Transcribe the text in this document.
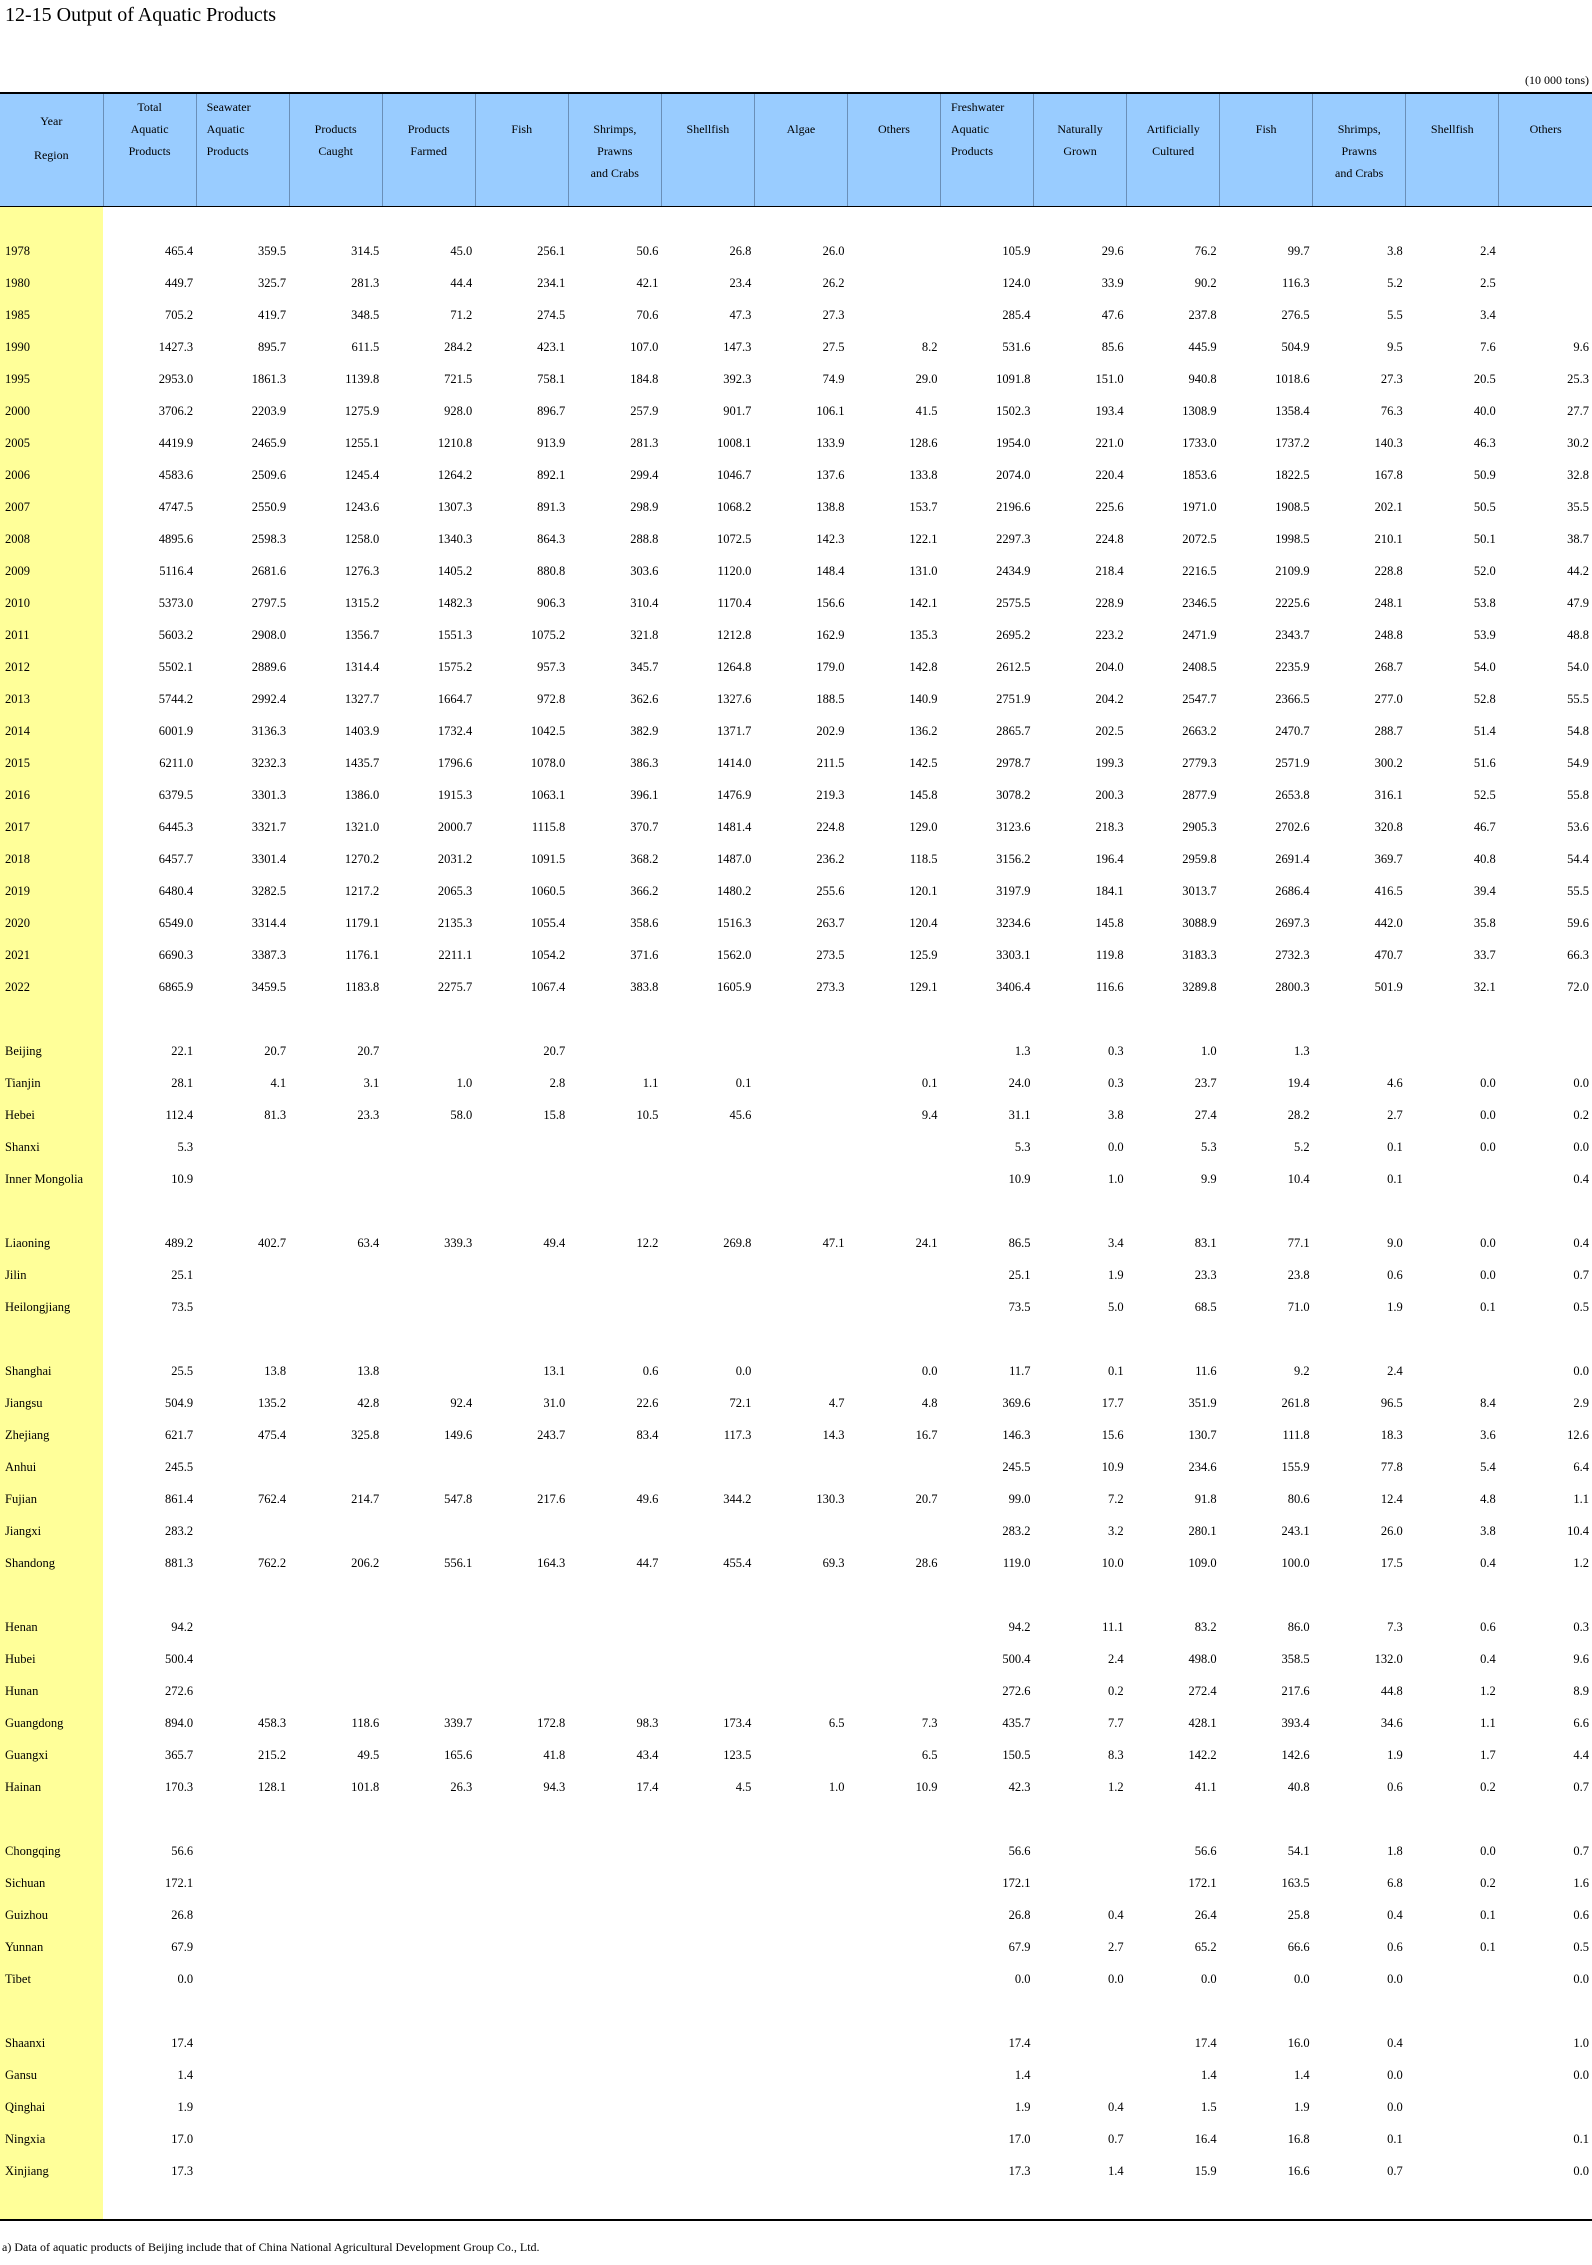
12-15 Output of Aquatic Products
(10 000 tons)
Year
Region	Total
Aquatic
Products	Seawater
Aquatic
Products	Products
Caught	Products
Farmed	Fish	Shrimps,
Prawns
and Crabs	Shellfish	Algae	Others	Freshwater
Aquatic
Products	Naturally
Grown	Artificially
Cultured	Fish	Shrimps,
Prawns
and Crabs	Shellfish	Others

1978	465.4	359.5	314.5	45.0	256.1	50.6	26.8	26.0		105.9	29.6	76.2	99.7	3.8	2.4	
1980	449.7	325.7	281.3	44.4	234.1	42.1	23.4	26.2		124.0	33.9	90.2	116.3	5.2	2.5	
1985	705.2	419.7	348.5	71.2	274.5	70.6	47.3	27.3		285.4	47.6	237.8	276.5	5.5	3.4	
1990	1427.3	895.7	611.5	284.2	423.1	107.0	147.3	27.5	8.2	531.6	85.6	445.9	504.9	9.5	7.6	9.6
1995	2953.0	1861.3	1139.8	721.5	758.1	184.8	392.3	74.9	29.0	1091.8	151.0	940.8	1018.6	27.3	20.5	25.3
2000	3706.2	2203.9	1275.9	928.0	896.7	257.9	901.7	106.1	41.5	1502.3	193.4	1308.9	1358.4	76.3	40.0	27.7
2005	4419.9	2465.9	1255.1	1210.8	913.9	281.3	1008.1	133.9	128.6	1954.0	221.0	1733.0	1737.2	140.3	46.3	30.2
2006	4583.6	2509.6	1245.4	1264.2	892.1	299.4	1046.7	137.6	133.8	2074.0	220.4	1853.6	1822.5	167.8	50.9	32.8
2007	4747.5	2550.9	1243.6	1307.3	891.3	298.9	1068.2	138.8	153.7	2196.6	225.6	1971.0	1908.5	202.1	50.5	35.5
2008	4895.6	2598.3	1258.0	1340.3	864.3	288.8	1072.5	142.3	122.1	2297.3	224.8	2072.5	1998.5	210.1	50.1	38.7
2009	5116.4	2681.6	1276.3	1405.2	880.8	303.6	1120.0	148.4	131.0	2434.9	218.4	2216.5	2109.9	228.8	52.0	44.2
2010	5373.0	2797.5	1315.2	1482.3	906.3	310.4	1170.4	156.6	142.1	2575.5	228.9	2346.5	2225.6	248.1	53.8	47.9
2011	5603.2	2908.0	1356.7	1551.3	1075.2	321.8	1212.8	162.9	135.3	2695.2	223.2	2471.9	2343.7	248.8	53.9	48.8
2012	5502.1	2889.6	1314.4	1575.2	957.3	345.7	1264.8	179.0	142.8	2612.5	204.0	2408.5	2235.9	268.7	54.0	54.0
2013	5744.2	2992.4	1327.7	1664.7	972.8	362.6	1327.6	188.5	140.9	2751.9	204.2	2547.7	2366.5	277.0	52.8	55.5
2014	6001.9	3136.3	1403.9	1732.4	1042.5	382.9	1371.7	202.9	136.2	2865.7	202.5	2663.2	2470.7	288.7	51.4	54.8
2015	6211.0	3232.3	1435.7	1796.6	1078.0	386.3	1414.0	211.5	142.5	2978.7	199.3	2779.3	2571.9	300.2	51.6	54.9
2016	6379.5	3301.3	1386.0	1915.3	1063.1	396.1	1476.9	219.3	145.8	3078.2	200.3	2877.9	2653.8	316.1	52.5	55.8
2017	6445.3	3321.7	1321.0	2000.7	1115.8	370.7	1481.4	224.8	129.0	3123.6	218.3	2905.3	2702.6	320.8	46.7	53.6
2018	6457.7	3301.4	1270.2	2031.2	1091.5	368.2	1487.0	236.2	118.5	3156.2	196.4	2959.8	2691.4	369.7	40.8	54.4
2019	6480.4	3282.5	1217.2	2065.3	1060.5	366.2	1480.2	255.6	120.1	3197.9	184.1	3013.7	2686.4	416.5	39.4	55.5
2020	6549.0	3314.4	1179.1	2135.3	1055.4	358.6	1516.3	263.7	120.4	3234.6	145.8	3088.9	2697.3	442.0	35.8	59.6
2021	6690.3	3387.3	1176.1	2211.1	1054.2	371.6	1562.0	273.5	125.9	3303.1	119.8	3183.3	2732.3	470.7	33.7	66.3
2022	6865.9	3459.5	1183.8	2275.7	1067.4	383.8	1605.9	273.3	129.1	3406.4	116.6	3289.8	2800.3	501.9	32.1	72.0

Beijing	22.1	20.7	20.7		20.7					1.3	0.3	1.0	1.3			
Tianjin	28.1	4.1	3.1	1.0	2.8	1.1	0.1		0.1	24.0	0.3	23.7	19.4	4.6	0.0	0.0
Hebei	112.4	81.3	23.3	58.0	15.8	10.5	45.6		9.4	31.1	3.8	27.4	28.2	2.7	0.0	0.2
Shanxi	5.3									5.3	0.0	5.3	5.2	0.1	0.0	0.0
Inner Mongolia	10.9									10.9	1.0	9.9	10.4	0.1		0.4

Liaoning	489.2	402.7	63.4	339.3	49.4	12.2	269.8	47.1	24.1	86.5	3.4	83.1	77.1	9.0	0.0	0.4
Jilin	25.1									25.1	1.9	23.3	23.8	0.6	0.0	0.7
Heilongjiang	73.5									73.5	5.0	68.5	71.0	1.9	0.1	0.5

Shanghai	25.5	13.8	13.8		13.1	0.6	0.0		0.0	11.7	0.1	11.6	9.2	2.4		0.0
Jiangsu	504.9	135.2	42.8	92.4	31.0	22.6	72.1	4.7	4.8	369.6	17.7	351.9	261.8	96.5	8.4	2.9
Zhejiang	621.7	475.4	325.8	149.6	243.7	83.4	117.3	14.3	16.7	146.3	15.6	130.7	111.8	18.3	3.6	12.6
Anhui	245.5									245.5	10.9	234.6	155.9	77.8	5.4	6.4
Fujian	861.4	762.4	214.7	547.8	217.6	49.6	344.2	130.3	20.7	99.0	7.2	91.8	80.6	12.4	4.8	1.1
Jiangxi	283.2									283.2	3.2	280.1	243.1	26.0	3.8	10.4
Shandong	881.3	762.2	206.2	556.1	164.3	44.7	455.4	69.3	28.6	119.0	10.0	109.0	100.0	17.5	0.4	1.2

Henan	94.2									94.2	11.1	83.2	86.0	7.3	0.6	0.3
Hubei	500.4									500.4	2.4	498.0	358.5	132.0	0.4	9.6
Hunan	272.6									272.6	0.2	272.4	217.6	44.8	1.2	8.9
Guangdong	894.0	458.3	118.6	339.7	172.8	98.3	173.4	6.5	7.3	435.7	7.7	428.1	393.4	34.6	1.1	6.6
Guangxi	365.7	215.2	49.5	165.6	41.8	43.4	123.5		6.5	150.5	8.3	142.2	142.6	1.9	1.7	4.4
Hainan	170.3	128.1	101.8	26.3	94.3	17.4	4.5	1.0	10.9	42.3	1.2	41.1	40.8	0.6	0.2	0.7

Chongqing	56.6									56.6		56.6	54.1	1.8	0.0	0.7
Sichuan	172.1									172.1		172.1	163.5	6.8	0.2	1.6
Guizhou	26.8									26.8	0.4	26.4	25.8	0.4	0.1	0.6
Yunnan	67.9									67.9	2.7	65.2	66.6	0.6	0.1	0.5
Tibet	0.0									0.0	0.0	0.0	0.0	0.0		0.0

Shaanxi	17.4									17.4		17.4	16.0	0.4		1.0
Gansu	1.4									1.4		1.4	1.4	0.0		0.0
Qinghai	1.9									1.9	0.4	1.5	1.9	0.0		
Ningxia	17.0									17.0	0.7	16.4	16.8	0.1		0.1
Xinjiang	17.3									17.3	1.4	15.9	16.6	0.7		0.0

a) Data of aquatic products of Beijing include that of China National Agricultural Development Group Co., Ltd.
